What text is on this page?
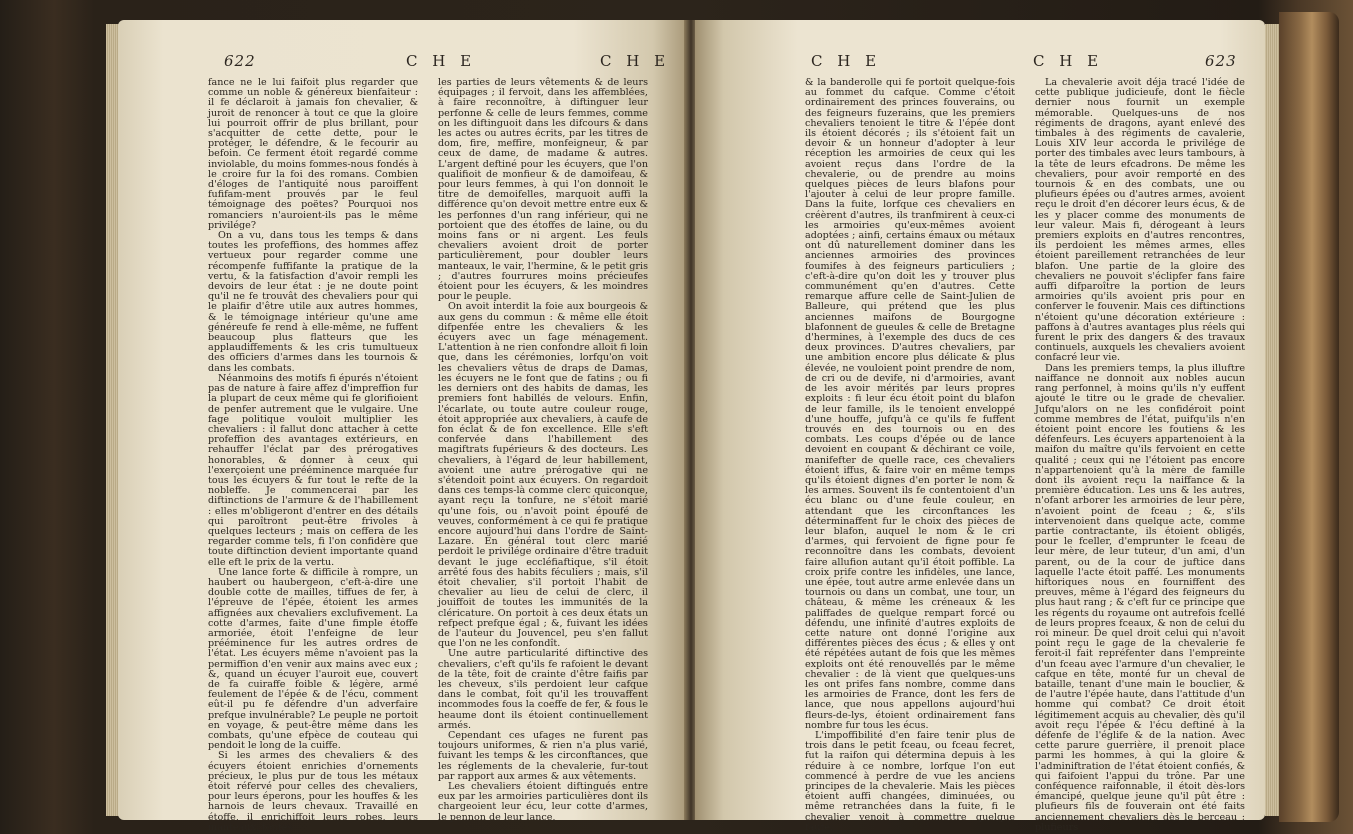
622	C H E	C H E

fance ne le lui faifoit plus regarder que comme un noble & généreux bienfaiteur : il fe déclaroit à jamais fon chevalier, & juroit de renoncer à tout ce que la gloire lui pourroit offrir de plus brillant, pour s'acquitter de cette dette, pour le protéger, le défendre, & le fecourir au befoin. Ce ferment étoit regardé comme inviolable, du moins fommes-nous fondés à le croire fur la foi des romans. Combien d'éloges de l'antiquité nous paroiffent fufifam-ment prouvés par le feul témoignage des poëtes? Pourquoi nos romanciers n'auroient-ils pas le même privilége?

On a vu, dans tous les temps & dans toutes les profeffions, des hommes affez vertueux pour regarder comme une récompenfe fuffifante la pratique de la vertu, & la fatisfaction d'avoir rempli les devoirs de leur état : je ne doute point qu'il ne fe trouvât des chevaliers pour qui le plaifir d'être utile aux autres hommes, & le témoignage intérieur qu'une ame généreufe fe rend à elle-même, ne fuffent beaucoup plus flatteurs que les applaudiffements & les cris tumultueux des officiers d'armes dans les tournois & dans les combats.

Néanmoins des motifs fi épurés n'étoient pas de nature à faire affez d'impreffion fur la plupart de ceux même qui fe glorifioient de penfer autrement que le vulgaire. Une fage politique vouloit multiplier les chevaliers : il fallut donc attacher à cette profeffion des avantages extérieurs, en rehauffer l'éclat par des prérogatives honorables, & donner à ceux qui l'exerçoient une prééminence marquée fur tous les écuyers & fur tout le refte de la nobleffe. Je commencerai par les diftinctions de l'armure & de l'habillement : elles m'obligeront d'entrer en des détails qui paroîtront peut-être frivoles à quelques lecteurs ; mais on ceffera de les regarder comme tels, fi l'on confidère que toute diftinction devient importante quand elle eft le prix de la vertu.

Une lance forte & difficile à rompre, un haubert ou haubergeon, c'eft-à-dire une double cotte de mailles, tiffues de fer, à l'épreuve de l'épée, étoient les armes affignées aux chevaliers exclufivement. La cotte d'armes, faite d'une fimple étoffe armoriée, étoit l'enfeigne de leur prééminence fur les autres ordres de l'état. Les écuyers même n'avoient pas la permiffion d'en venir aux mains avec eux ; &, quand un écuyer l'auroit eue, couvert de fa cuiraffe foible & légère, armé feulement de l'épée & de l'écu, comment eût-il pu fe défendre d'un adverfaire prefque invulnérable? Le peuple ne portoit en voyage, & peut-être même dans les combats, qu'une efpèce de couteau qui pendoit le long de la cuiffe.

Si les armes des chevaliers & des écuyers étoient enrichies d'ornements précieux, le plus pur de tous les métaux étoit réfervé pour celles des chevaliers, pour leurs éperons, pour les houffes & les harnois de leurs chevaux. Travaillé en étoffe, il enrichiffoit leurs robes, leurs manteaux, toutes

les parties de leurs vêtements & de leurs équipages ; il fervoit, dans les affemblées, à faire reconnoître, à diftinguer leur perfonne & celle de leurs femmes, comme on les diftinguoit dans les difcours & dans les actes ou autres écrits, par les titres de dom, fire, meffire, monfeigneur, & par ceux de dame, de madame & autres. L'argent deftiné pour les écuyers, que l'on qualifioit de monfieur & de damoifeau, & pour leurs femmes, à qui l'on donnoit le titre de demoifelles, marquoit auffi la différence qu'on devoit mettre entre eux & les perfonnes d'un rang inférieur, qui ne portoient que des étoffes de laine, ou du moins fans or ni argent. Les feuls chevaliers avoient droit de porter particulièrement, pour doubler leurs manteaux, le vair, l'hermine, & le petit gris ; d'autres fourrures moins précieufes étoient pour les écuyers, & les moindres pour le peuple.

On avoit interdit la foie aux bourgeois & aux gens du commun : & même elle étoit difpenfée entre les chevaliers & les écuyers avec un fage ménagement. L'attention à ne rien confondre alloit fi loin que, dans les cérémonies, lorfqu'on voit les chevaliers vêtus de draps de Damas, les écuyers ne le font que de fatins ; ou fi les derniers ont des habits de damas, les premiers font habillés de velours. Enfin, l'écarlate, ou toute autre couleur rouge, étoit appropriée aux chevaliers, à caufe de fon éclat & de fon excellence. Elle s'eft confervée dans l'habillement des magiftrats fupérieurs & des docteurs. Les chevaliers, à l'égard de leur habillement, avoient une autre prérogative qui ne s'étendoit point aux écuyers. On regardoit dans ces temps-là comme clerc quiconque, ayant reçu la tonfure, ne s'étoit marié qu'une fois, ou n'avoit point époufé de veuves, conformément à ce qui fe pratique encore aujourd'hui dans l'ordre de Saint-Lazare. En général tout clerc marié perdoit le privilége ordinaire d'être traduit devant le juge eccléfiaftique, s'il étoit arrêté fous des habits féculiers ; mais, s'il étoit chevalier, s'il portoit l'habit de chevalier au lieu de celui de clerc, il jouiffoit de toutes les immunités de la cléricature. On portoit à ces deux états un refpect prefque égal ; &, fuivant les idées de l'auteur du Jouvencel, peu s'en fallut que l'on ne les confondît.

Une autre particularité diftinctive des chevaliers, c'eft qu'ils fe rafoient le devant de la tête, foit de crainte d'être faifis par les cheveux, s'ils perdoient leur cafque dans le combat, foit qu'il les trouvaffent incommodes fous la coeffe de fer, & fous le heaume dont ils étoient continuellement armés.

Cependant ces ufages ne furent pas toujours uniformes, & rien n'a plus varié, fuivant les temps & les circonftances, que les réglements de la chevalerie, fur-tout par rapport aux armes & aux vêtements.

Les chevaliers étoient diftingués entre eux par les armoiries particulières dont ils chargeoient leur écu, leur cotte d'armes, le pennon de leur lance,

C H E	C H E	623

& la banderolle qui fe portoit quelque-fois au fommet du cafque. Comme c'étoit ordinairement des princes fouverains, ou des feigneurs fuzerains, que les premiers chevaliers tenoient le titre & l'épée dont ils étoient décorés ; ils s'étoient fait un devoir & un honneur d'adopter à leur réception les armoiries de ceux qui les avoient reçus dans l'ordre de la chevalerie, ou de prendre au moins quelques pièces de leurs blafons pour l'ajouter à celui de leur propre famille. Dans la fuite, lorfque ces chevaliers en créèrent d'autres, ils tranfmirent à ceux-ci les armoiries qu'eux-mêmes avoient adoptées ; ainfi, certains émaux ou métaux ont dû naturellement dominer dans les anciennes armoiries des provinces foumifes à des feigneurs particuliers ; c'eft-à-dire qu'on doit les y trouver plus communément qu'en d'autres. Cette remarque affure celle de Saint-Julien de Balleure, qui prétend que les plus anciennes maifons de Bourgogne blafonnent de gueules & celle de Bretagne d'hermines, à l'exemple des ducs de ces deux provinces. D'autres chevaliers, par une ambition encore plus délicate & plus élevée, ne vouloient point prendre de nom, de cri ou de devife, ni d'armoiries, avant de les avoir mérités par leurs propres exploits : fi leur écu étoit point du blafon de leur famille, ils le tenoient enveloppé d'une houffe, jufqu'à ce qu'ils fe fuffent trouvés en des tournois ou en des combats. Les coups d'épée ou de lance devoient en coupant & déchirant ce voile, manifefter de quelle race, ces chevaliers étoient iffus, & faire voir en même temps qu'ils étoient dignes d'en porter le nom & les armes. Souvent ils fe contentoient d'un écu blanc ou d'une feule couleur, en attendant que les circonftances les déterminaffent fur le choix des pièces de leur blafon, auquel le nom & le cri d'armes, qui fervoient de figne pour fe reconnoître dans les combats, devoient faire allufion autant qu'il étoit poffible. La croix prife contre les infidèles, une lance, une épée, tout autre arme enlevée dans un tournois ou dans un combat, une tour, un château, & même les créneaux & les paliffades de quelque rempart forcé ou défendu, une infinité d'autres exploits de cette nature ont donné l'origine aux différentes pièces des écus ; & elles y ont été répétées autant de fois que les mêmes exploits ont été renouvellés par le même chevalier : de là vient que quelques-uns les ont prifes fans nombre, comme dans les armoiries de France, dont les fers de lance, que nous appellons aujourd'hui fleurs-de-lys, étoient ordinairement fans nombre fur tous les écus.

L'impoffibilité d'en faire tenir plus de trois dans le petit fceau, ou fceau fecret, fut la raifon qui détermina depuis à les réduire à ce nombre, lorfque l'on eut commencé à perdre de vue les anciens principes de la chevalerie. Mais les pièces étoient auffi changées, diminuées, ou même retranchées dans la fuite, fi le chevalier venoit à commettre quelque faute.

La chevalerie avoit déja tracé l'idée de cette publique judicieufe, dont le fiècle dernier nous fournit un exemple mémorable. Quelques-uns de nos régiments de dragons, ayant enlevé des timbales à des régiments de cavalerie, Louis XIV leur accorda le privilége de porter des timbales avec leurs tambours, à la tête de leurs efcadrons. De même les chevaliers, pour avoir remporté en des tournois & en des combats, une ou plufieurs épées ou d'autres armes, avoient reçu le droit d'en décorer leurs écus, & de les y placer comme des monuments de leur valeur. Mais fi, dérogeant à leurs premiers exploits en d'autres rencontres, ils perdoient les mêmes armes, elles étoient pareillement retranchées de leur blafon. Une partie de la gloire des chevaliers ne pouvoit s'éclipfer fans faire auffi difparoître la portion de leurs armoiries qu'ils avoient pris pour en conferver le fouvenir. Mais ces diftinctions n'étoient qu'une décoration extérieure : paffons à d'autres avantages plus réels qui furent le prix des dangers & des travaux continuels, auxquels les chevaliers avoient confacré leur vie.

Dans les premiers temps, la plus illuftre naiffance ne donnoit aux nobles aucun rang perfonnel, à moins qu'ils n'y euffent ajouté le titre ou le grade de chevalier. Jufqu'alors on ne les confidéroit point comme membres de l'état, puifqu'ils n'en étoient point encore les foutiens & les défenfeurs. Les écuyers appartenoient à la maifon du maître qu'ils fervoient en cette qualité ; ceux qui ne l'étoient pas encore n'appartenoient qu'à la mère de famille dont ils avoient reçu la naiffance & la première éducation. Les uns & les autres, n'ofant arborer les armoiries de leur père, n'avoient point de fceau ; &, s'ils intervenoient dans quelque acte, comme partie contractante, ils étoient obligés, pour le fceller, d'emprunter le fceau de leur mère, de leur tuteur, d'un ami, d'un parent, ou de la cour de juftice dans laquelle l'acte étoit paffé. Les monuments hiftoriques nous en fourniffent des preuves, même à l'égard des feigneurs du plus haut rang ; & c'eft fur ce principe que les régents du royaume ont autrefois fcellé de leurs propres fceaux, & non de celui du roi mineur. De quel droit celui qui n'avoit point reçu le gage de la chevalerie fe feroit-il fait repréfenter dans l'empreinte d'un fceau avec l'armure d'un chevalier, le cafque en tête, monté fur un cheval de bataille, tenant d'une main le bouclier, & de l'autre l'épée haute, dans l'attitude d'un homme qui combat? Ce droit étoit légitimement acquis au chevalier, dès qu'il avoit reçu l'épée & l'écu deftiné à la défenfe de l'églife & de la nation. Avec cette parure guerrière, il prenoit place parmi les hommes, à qui la gloire & l'adminiftration de l'état étoient confiés, & qui faifoient l'appui du trône. Par une conféquence raifonnable, il étoit dès-lors émancipé, quelque jeune qu'il pût être : plufieurs fils de fouverain ont été faits anciennement chevaliers dès le berceau ; plufieurs
